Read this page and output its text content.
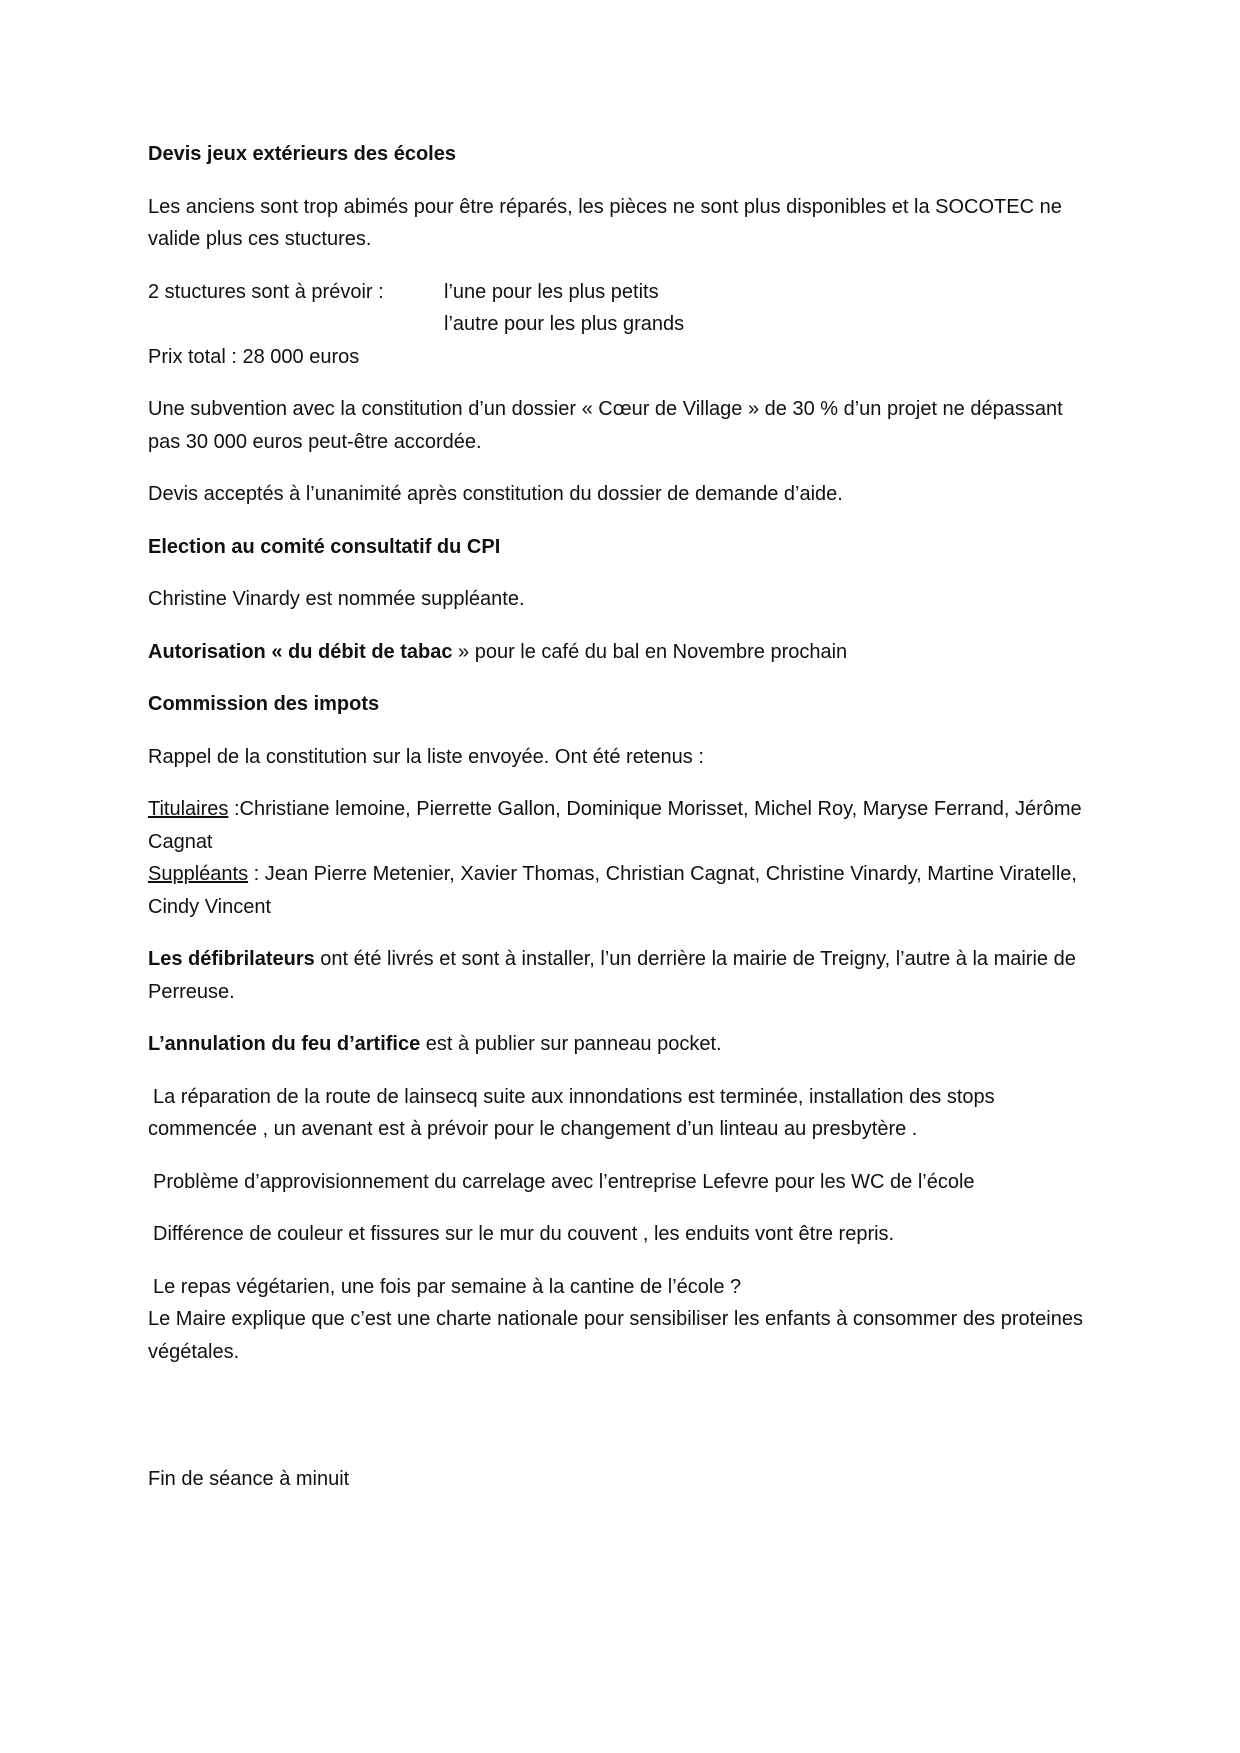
Devis jeux extérieurs des écoles

Les anciens sont trop abimés pour être réparés, les pièces ne sont plus disponibles et la SOCOTEC ne valide plus ces stuctures.

2 stuctures sont à prévoir :	l’une pour les plus petits
l’autre pour les plus grands

Prix total : 28 000 euros

Une subvention avec la constitution d’un dossier « Cœur de Village » de 30 % d’un projet ne dépassant pas 30 000 euros peut-être accordée.

Devis acceptés à l’unanimité après constitution du dossier de demande d’aide.

Election au comité consultatif du CPI

Christine Vinardy est nommée suppléante.

Autorisation « du débit de tabac » pour le café du bal en Novembre prochain

Commission des impots

Rappel de la constitution sur la liste envoyée. Ont été retenus :

Titulaires :Christiane lemoine, Pierrette Gallon, Dominique Morisset, Michel Roy, Maryse Ferrand, Jérôme Cagnat
Suppléants : Jean Pierre Metenier, Xavier Thomas, Christian Cagnat, Christine Vinardy, Martine Viratelle, Cindy Vincent

Les défibrilateurs ont été livrés et sont à installer, l’un derrière la mairie de Treigny, l’autre à la mairie de Perreuse.

L’annulation du feu d’artifice est à publier sur panneau pocket.

La réparation de la route de lainsecq suite aux innondations est terminée, installation des stops commencée , un avenant est à prévoir pour le changement d’un linteau au presbytère .

Problème d’approvisionnement du carrelage avec l’entreprise Lefevre pour les WC de l’école

Différence de couleur et fissures sur le mur du couvent , les enduits vont être repris.

Le repas végétarien, une fois par semaine à la cantine de l’école ?
Le Maire explique que c’est une charte nationale pour sensibiliser les enfants à consommer des proteines végétales.

Fin de séance à minuit
